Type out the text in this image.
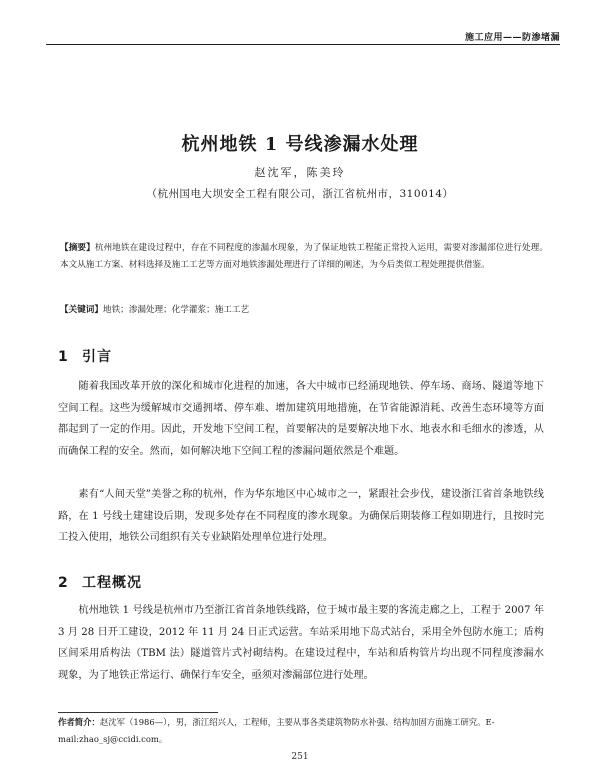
施工应用——防渗堵漏
杭州地铁 1 号线渗漏水处理
赵沈军，陈美玲
（杭州国电大坝安全工程有限公司，浙江省杭州市，310014）
【摘要】杭州地铁在建设过程中，存在不同程度的渗漏水现象，为了保证地铁工程能正常投入运用，需要对渗漏部位进行处理。本文从施工方案、材料选择及施工工艺等方面对地铁渗漏处理进行了详细的阐述，为今后类似工程处理提供借鉴。
【关键词】地铁；渗漏处理；化学灌浆；施工工艺
1 引言

随着我国改革开放的深化和城市化进程的加速，各大中城市已经涌现地铁、停车场、商场、隧道等地下空间工程。这些为缓解城市交通拥堵、停车难、增加建筑用地措施，在节省能源消耗、改善生态环境等方面都起到了一定的作用。因此，开发地下空间工程，首要解决的是要解决地下水、地表水和毛细水的渗透，从而确保工程的安全。然而，如何解决地下空间工程的渗漏问题依然是个难题。

素有“人间天堂”美誉之称的杭州，作为华东地区中心城市之一，紧跟社会步伐，建设浙江省首条地铁线路，在 1 号线土建建设后期，发现多处存在不同程度的渗水现象。为确保后期装修工程如期进行，且按时完工投入使用，地铁公司组织有关专业缺陷处理单位进行处理。

2 工程概况

杭州地铁 1 号线是杭州市乃至浙江省首条地铁线路，位于城市最主要的客流走廊之上，工程于 2007 年 3 月 28 日开工建设，2012 年 11 月 24 日正式运营。车站采用地下岛式站台，采用全外包防水施工；盾构区间采用盾构法（TBM 法）隧道管片式衬砌结构。在建设过程中，车站和盾构管片均出现不同程度渗漏水现象，为了地铁正常运行、确保行车安全，亟须对渗漏部位进行处理。

作者简介：赵沈军（1986—），男，浙江绍兴人，工程师，主要从事各类建筑物防水补强、结构加固方面施工研究。E-mail:zhao_sj@ccidi.com。
251
